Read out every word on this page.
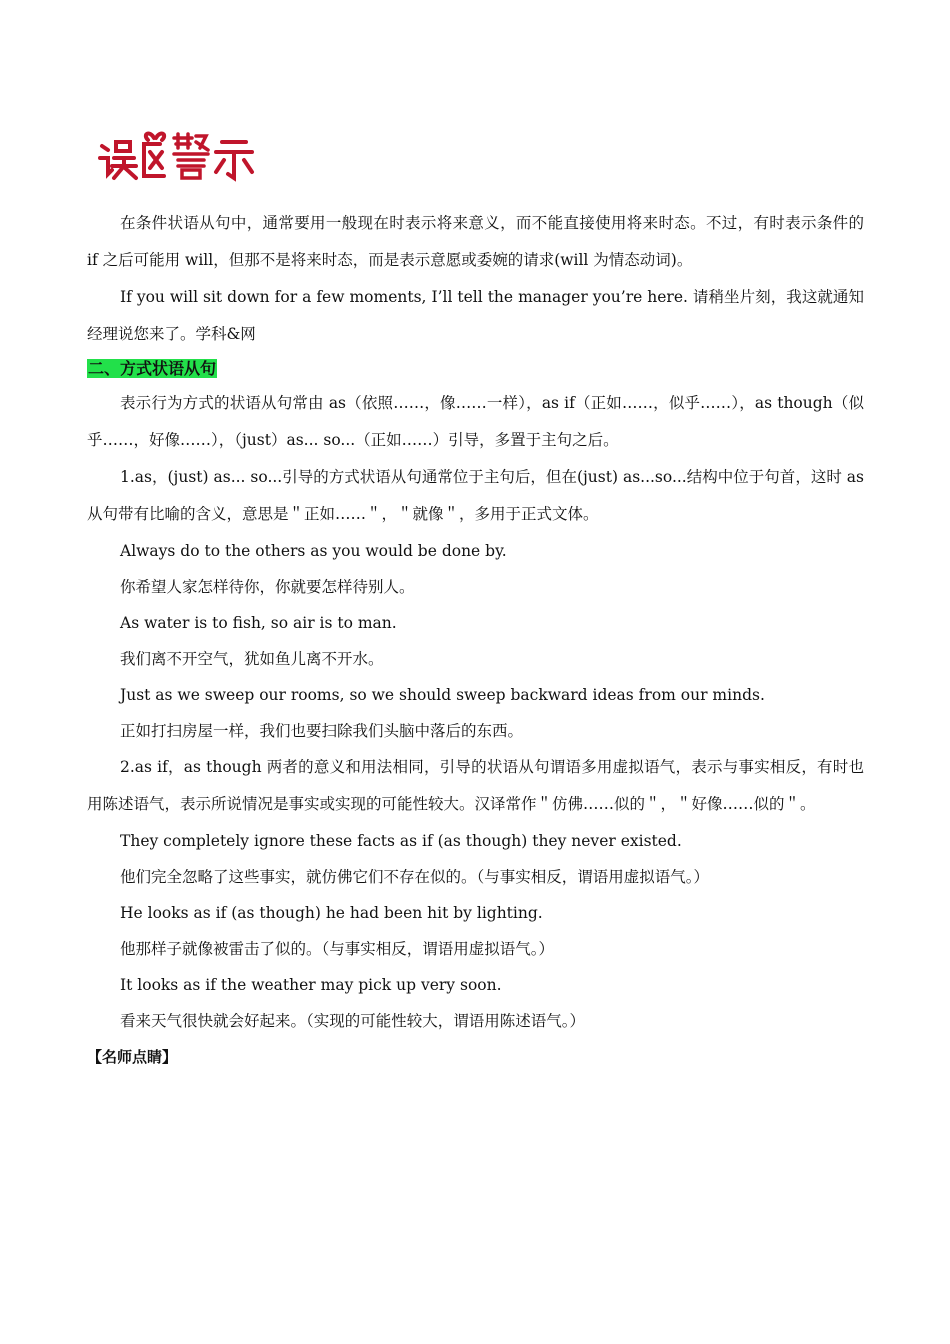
在条件状语从句中，通常要用一般现在时表示将来意义，而不能直接使用将来时态。不过，有时表示条件的 if 之后可能用 will，但那不是将来时态，而是表示意愿或委婉的请求(will 为情态动词)。

If you will sit down for a few moments, I’ll tell the manager you’re here. 请稍坐片刻，我这就通知经理说您来了。学科&网

二、方式状语从句

表示行为方式的状语从句常由 as（依照……，像……一样），as if（正如……，似乎……），as though（似乎……，好像……），（just）as... so...（正如……）引导，多置于主句之后。

1.as，(just) as... so...引导的方式状语从句通常位于主句后，但在(just) as...so...结构中位于句首，这时 as 从句带有比喻的含义，意思是＂正如……＂，＂就像＂，多用于正式文体。

Always do to the others as you would be done by.

你希望人家怎样待你，你就要怎样待别人。

As water is to fish, so air is to man.

我们离不开空气，犹如鱼儿离不开水。

Just as we sweep our rooms, so we should sweep backward ideas from our minds.

正如打扫房屋一样，我们也要扫除我们头脑中落后的东西。

2.as if，as though 两者的意义和用法相同，引导的状语从句谓语多用虚拟语气，表示与事实相反，有时也用陈述语气，表示所说情况是事实或实现的可能性较大。汉译常作＂仿佛……似的＂，＂好像……似的＂。

They completely ignore these facts as if (as though) they never existed.

他们完全忽略了这些事实，就仿佛它们不存在似的。（与事实相反，谓语用虚拟语气。）

He looks as if (as though) he had been hit by lighting.

他那样子就像被雷击了似的。（与事实相反，谓语用虚拟语气。）

It looks as if the weather may pick up very soon.

看来天气很快就会好起来。（实现的可能性较大，谓语用陈述语气。）

【名师点睛】
